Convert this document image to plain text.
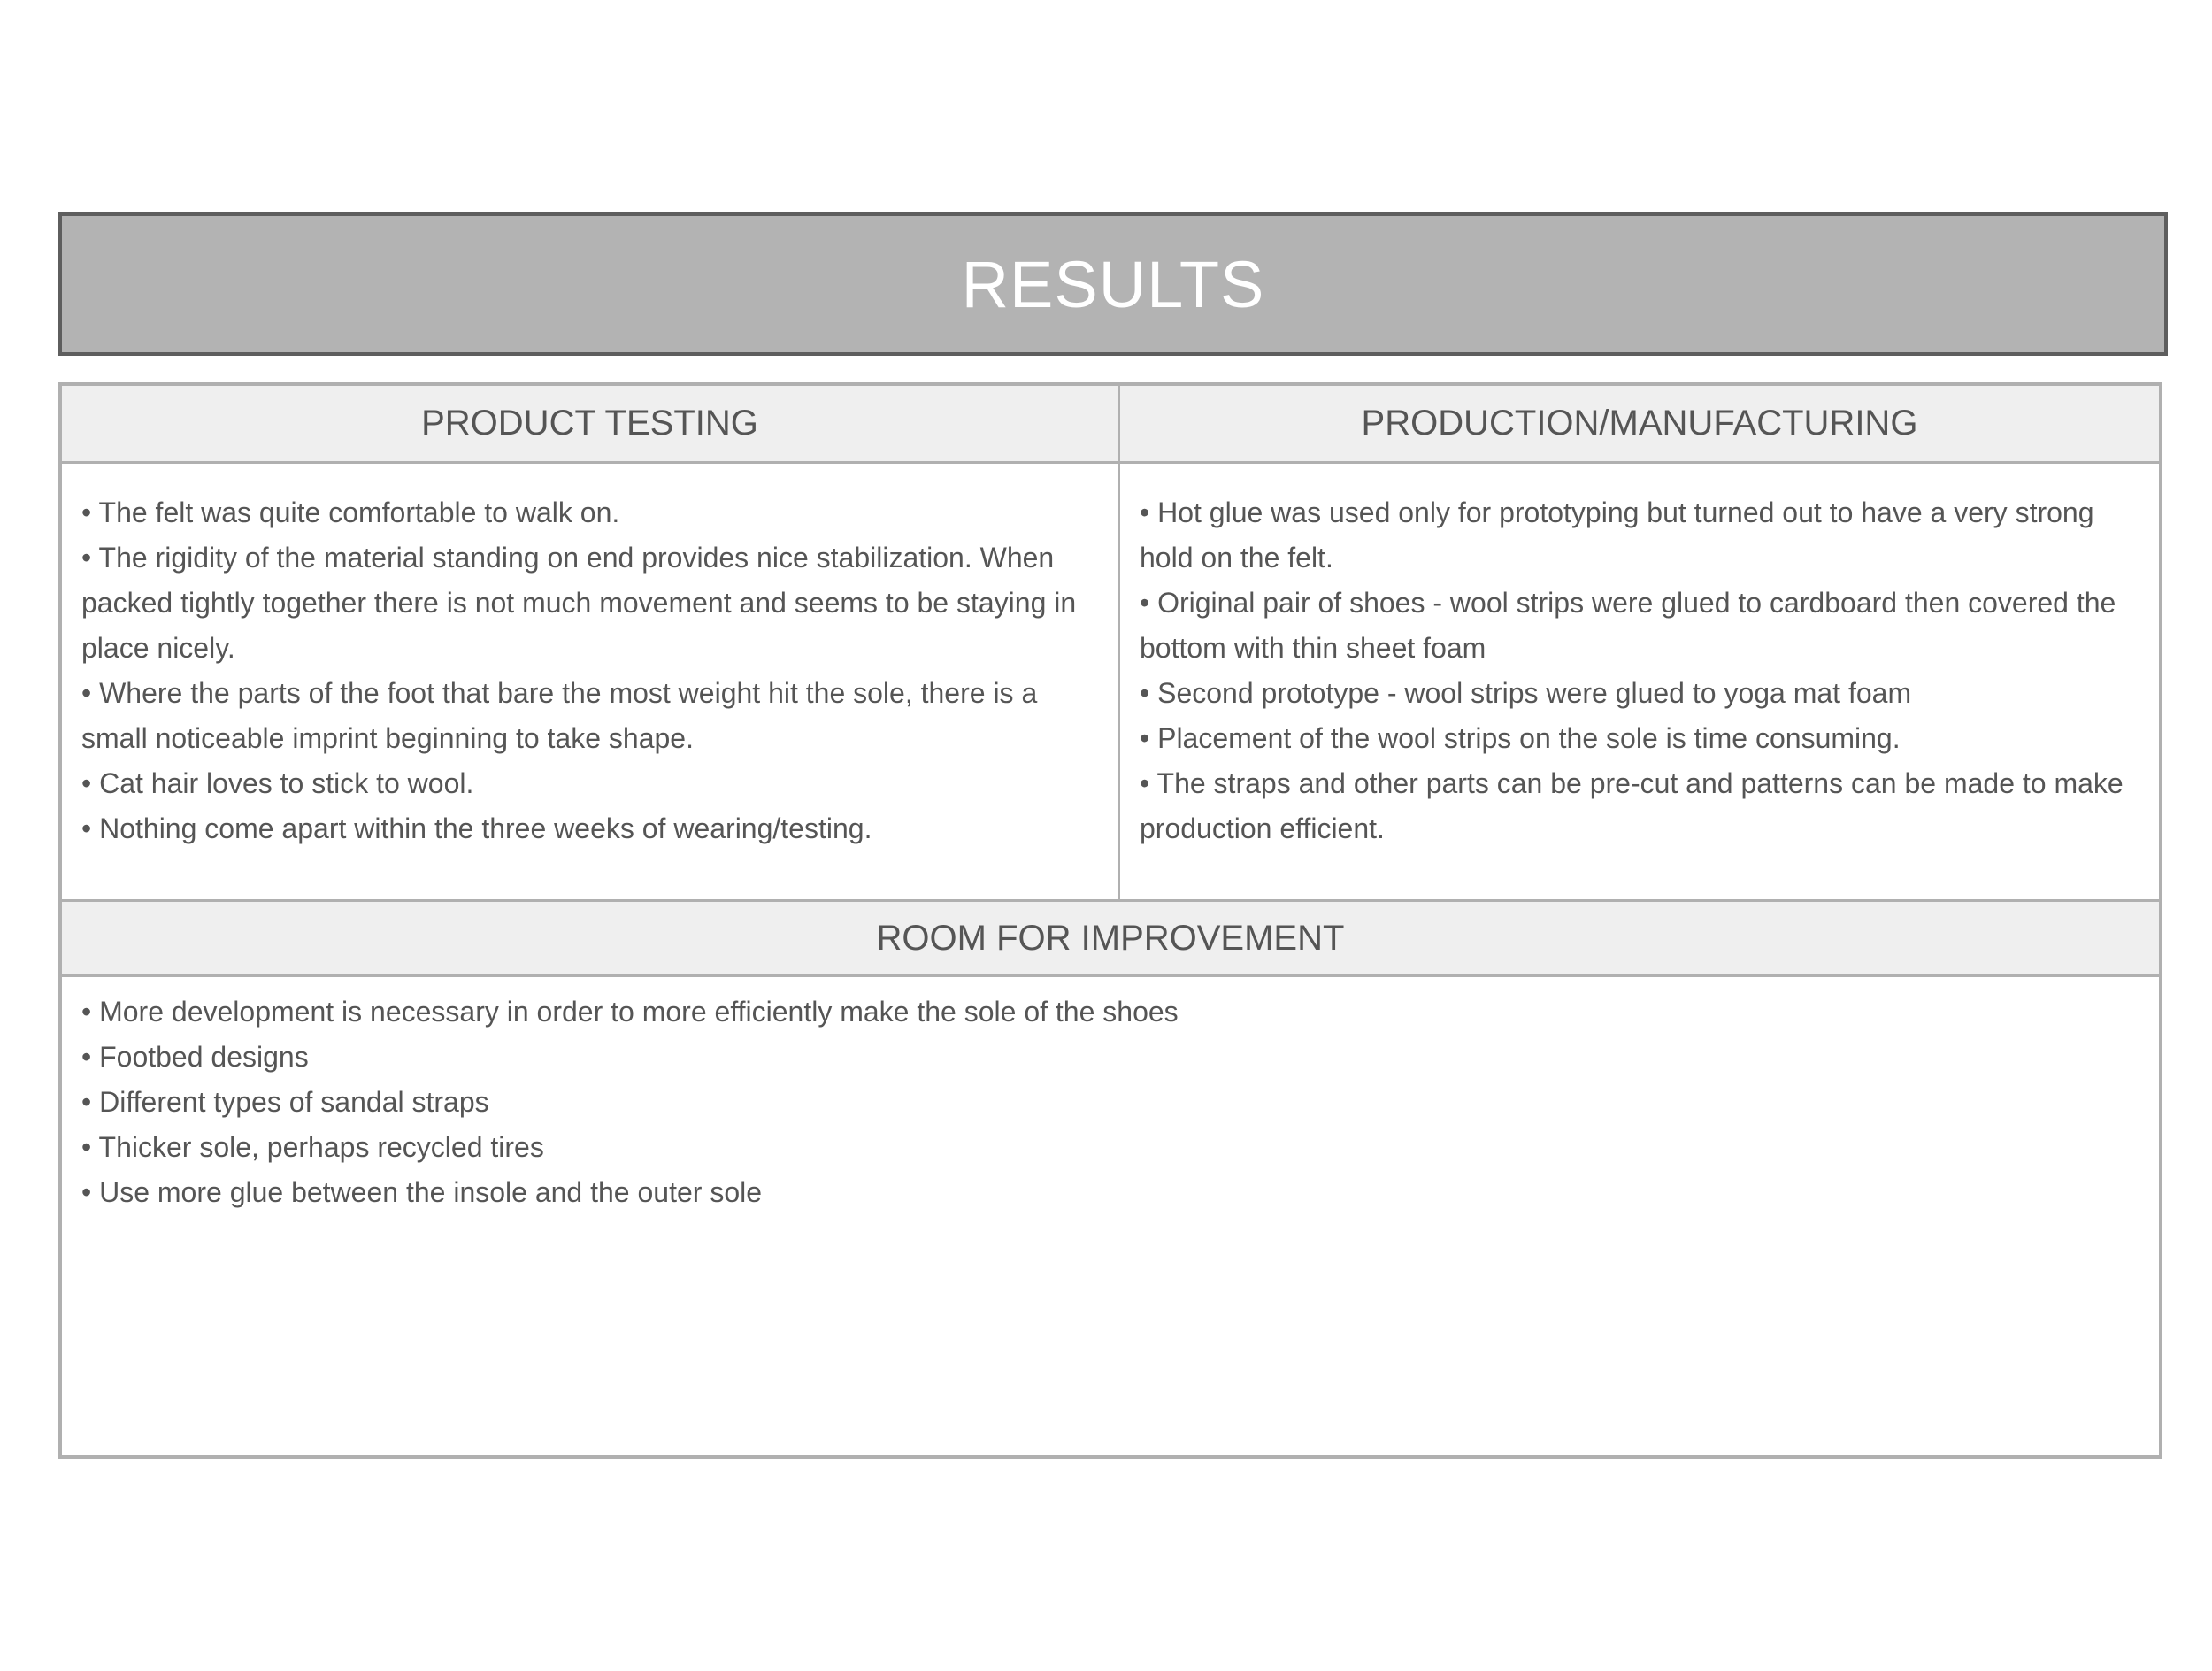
RESULTS
PRODUCT TESTING	PRODUCTION/MANUFACTURING

• The felt was quite comfortable to walk on.

• The rigidity of the material standing on end provides nice stabilization. When packed tightly together there is not much movement and seems to be staying in place nicely.

• Where the parts of the foot that bare the most weight hit the sole, there is a small noticeable imprint beginning to take shape.

• Cat hair loves to stick to wool.

• Nothing come apart within the three weeks of wearing/testing.

• Hot glue was used only for prototyping but turned out to have a very strong hold on the felt.

• Original pair of shoes - wool strips were glued to cardboard then covered the bottom with thin sheet foam

• Second prototype - wool strips were glued to yoga mat foam

• Placement of the wool strips on the sole is time consuming.

• The straps and other parts can be pre-cut and patterns can be made to make production efficient.

ROOM FOR IMPROVEMENT

• More development is necessary in order to more efficiently make the sole of the shoes

• Footbed designs

• Different types of sandal straps

• Thicker sole, perhaps recycled tires

• Use more glue between the insole and the outer sole
